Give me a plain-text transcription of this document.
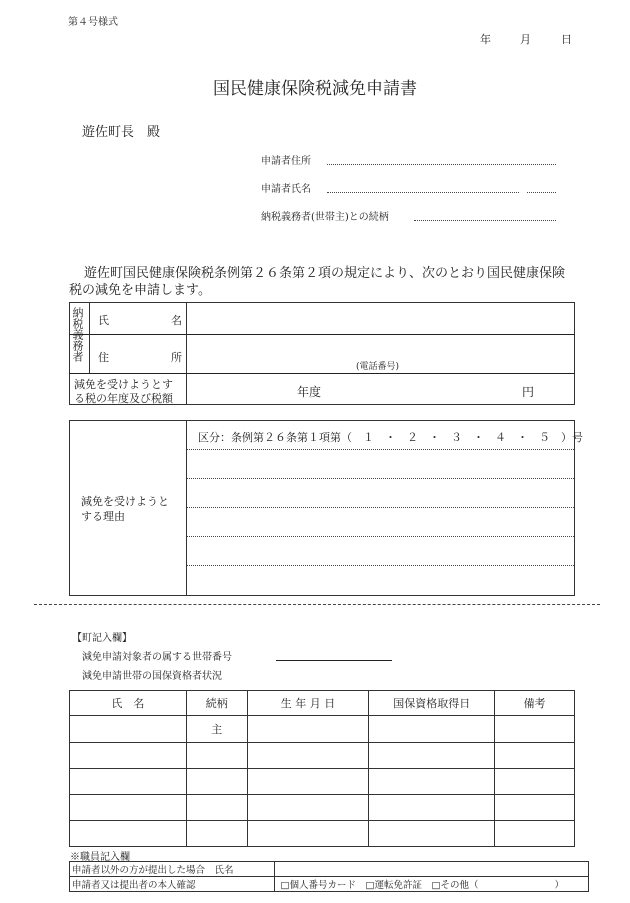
第４号様式
年	月	日
国民健康保険税減免申請書
遊佐町長　殿
申請者住所
申請者氏名
納税義務者(世帯主)との続柄
遊佐町国民健康保険税条例第２６条第２項の規定により、次のとおり国民健康保険
税の減免を申請します。
納税義務者 氏	名
住	所
(電話番号)
減免を受けようとす
る税の年度及び税額	年度	円
減免を受けようと
する理由
区分：条例第２６条第１項第（　１　・　２　・　３　・　４　・　５　）号
【町記入欄】
減免申請対象者の属する世帯番号
減免申請世帯の国保資格者状況
氏　名	続柄	生 年 月 日	国保資格取得日	備考
	主			

※職員記入欄
申請者以外の方が提出した場合　氏名	
申請者又は提出者の本人確認	□個人番号カード　□運転免許証　□その他（　　　　　　　　）
